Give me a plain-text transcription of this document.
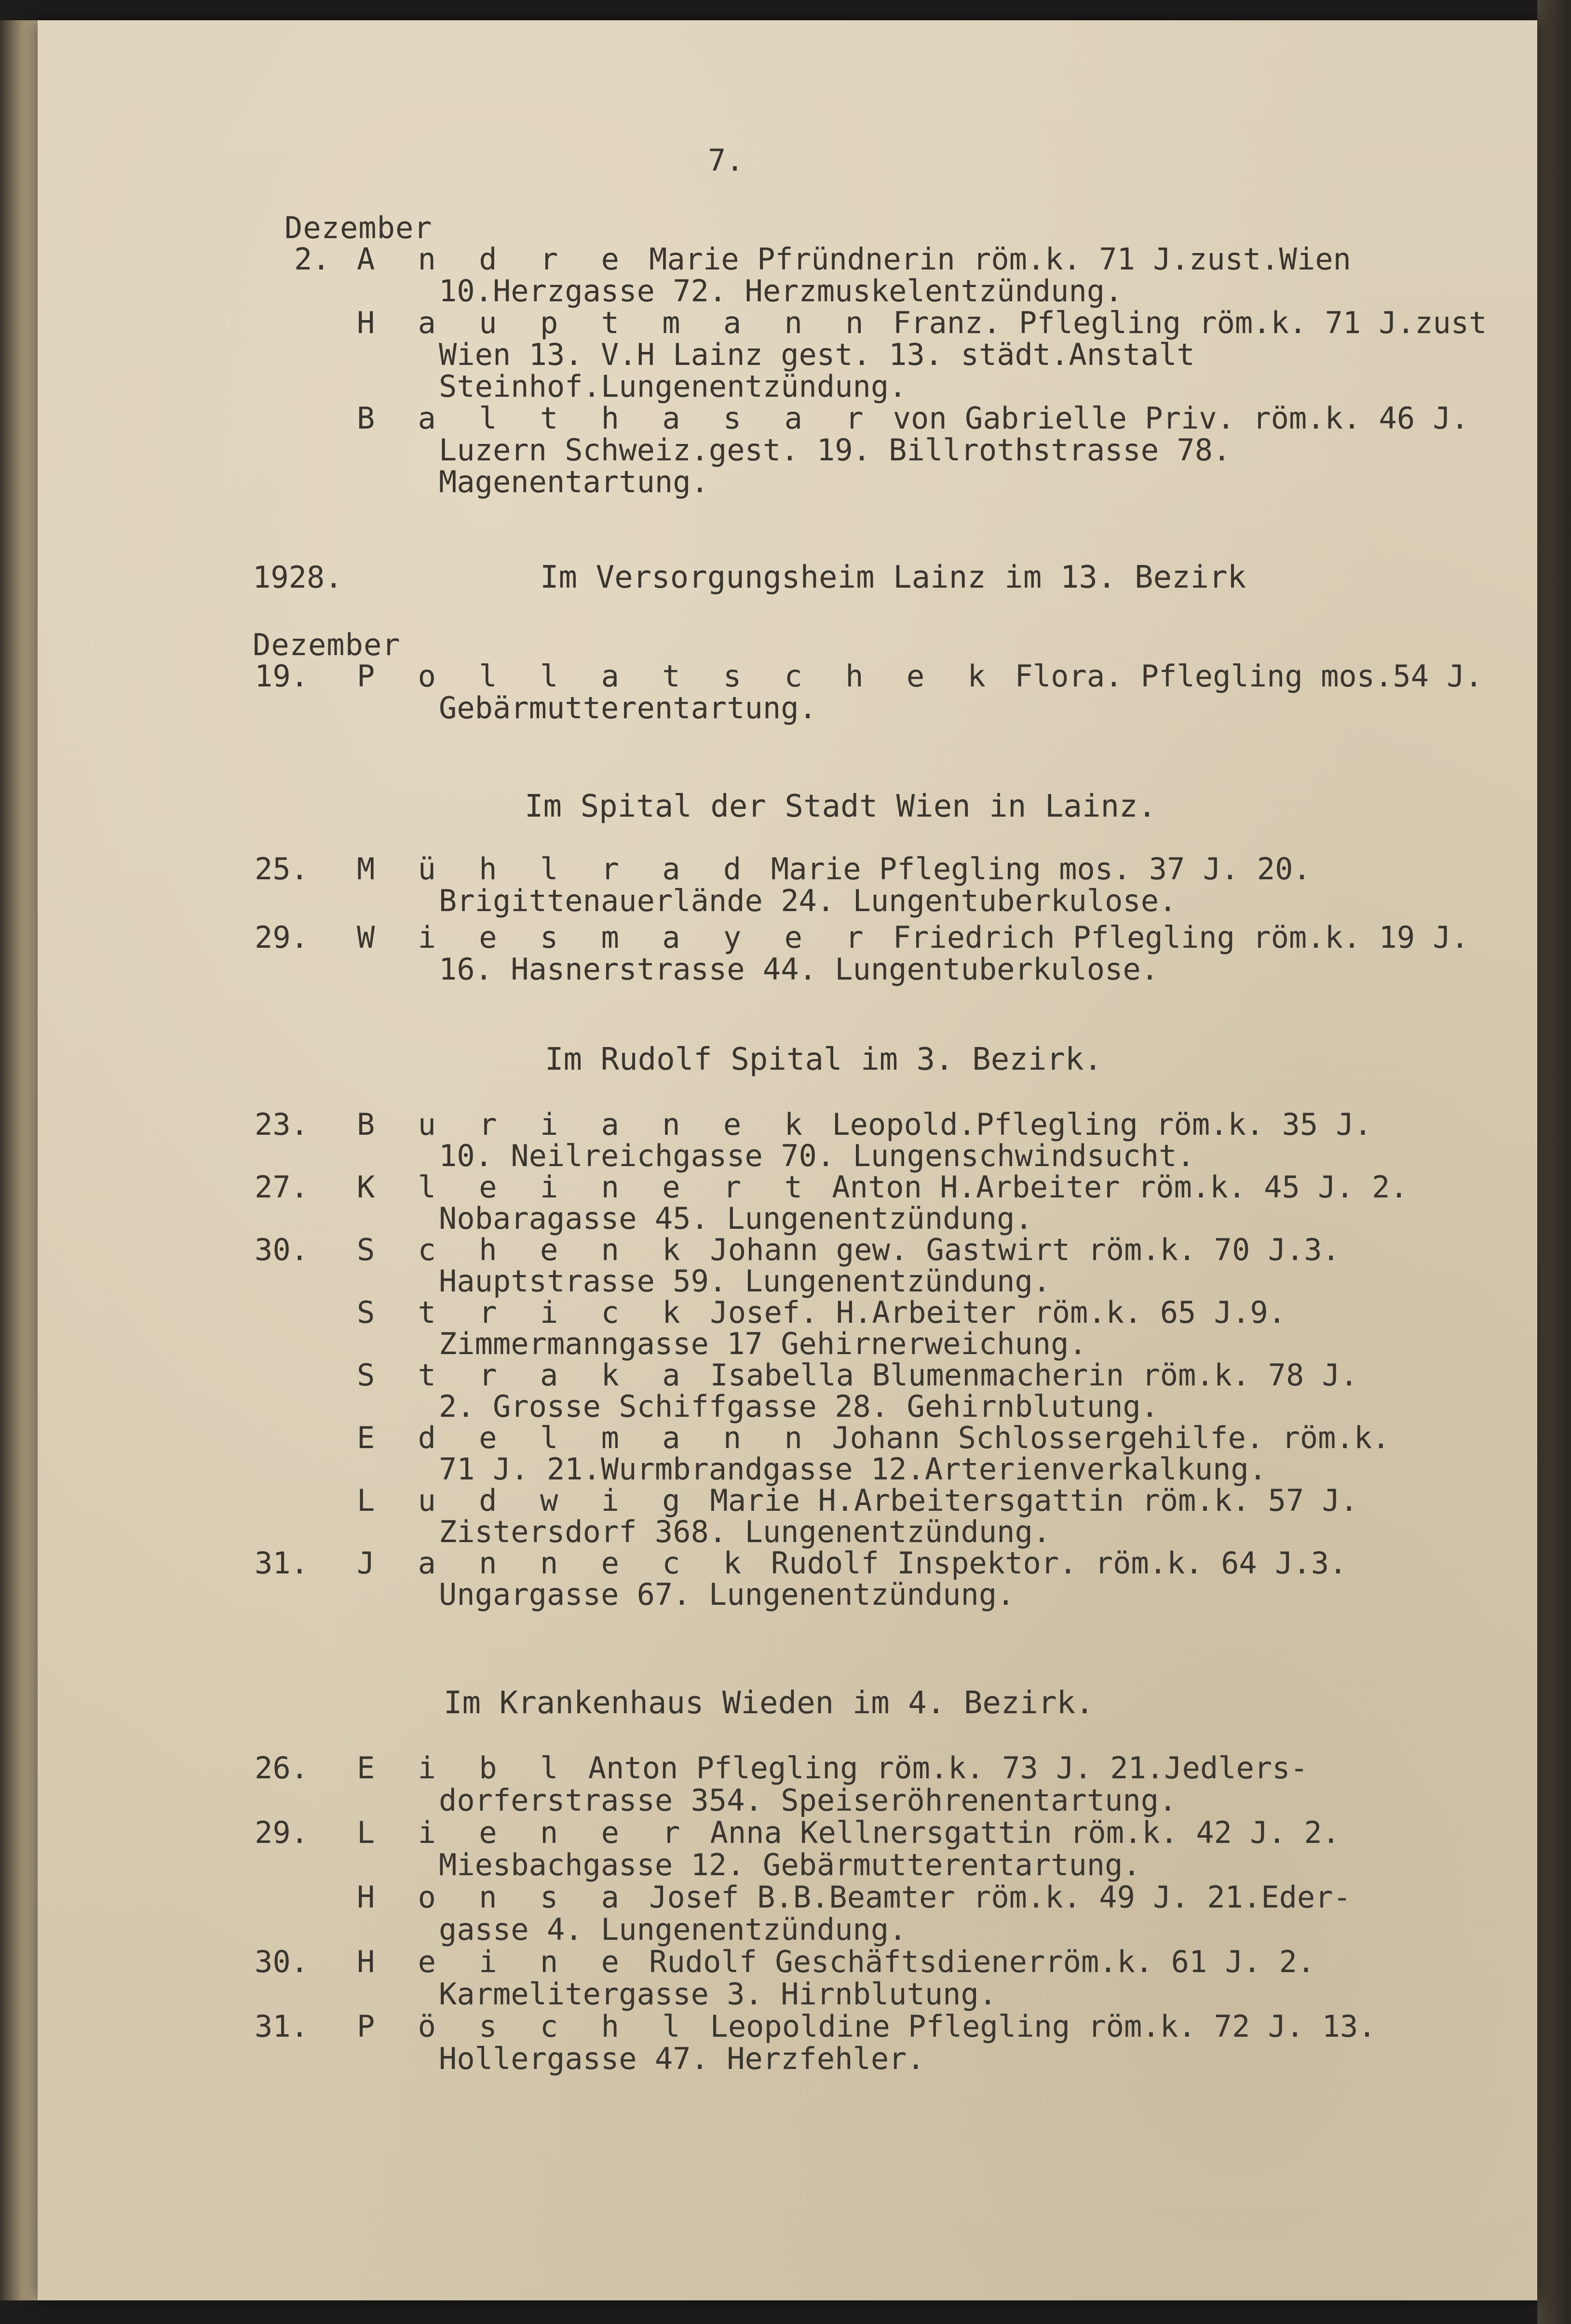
7.
Dezember
2. A n d r e
Marie Pfründnerin röm.k. 71 J.zust.Wien
10.Herzgasse 72. Herzmuskelentzündung.
H a u p t m a n n
Franz. Pflegling röm.k. 71 J.zust
Wien 13. V.H Lainz gest. 13. städt.Anstalt
Steinhof.Lungenentzündung.
B a l t h a s a r
von Gabrielle Priv. röm.k. 46 J.
Luzern Schweiz.gest. 19. Billrothstrasse 78.
Magenentartung.
1928.	Im Versorgungsheim Lainz im 13. Bezirk
Dezember
19. P o l l a t s c h e k
Flora. Pflegling mos.54 J.
Gebärmutterentartung.
Im Spital der Stadt Wien in Lainz.
25. M ü h l r a d
Marie Pflegling mos. 37 J. 20.
Brigittenauerlände 24. Lungentuberkulose.
29. W i e s m a y e r
Friedrich Pflegling röm.k. 19 J.
16. Hasnerstrasse 44. Lungentuberkulose.
Im Rudolf Spital im 3. Bezirk.
23. B u r i a n e k
Leopold.Pflegling röm.k. 35 J.
10. Neilreichgasse 70. Lungenschwindsucht.
27. K l e i n e r t
Anton H.Arbeiter röm.k. 45 J. 2.
Nobaragasse 45. Lungenentzündung.
30. S c h e n k
Johann gew. Gastwirt röm.k. 70 J.3.
Hauptstrasse 59. Lungenentzündung.
S t r i c k
Josef. H.Arbeiter röm.k. 65 J.9.
Zimmermanngasse 17 Gehirnerweichung.
S t r a k a
Isabella Blumenmacherin röm.k. 78 J.
2. Grosse Schiffgasse 28. Gehirnblutung.
E d e l m a n n
Johann Schlossergehilfe. röm.k.
71 J. 21.Wurmbrandgasse 12.Arterienverkalkung.
L u d w i g
Marie H.Arbeitersgattin röm.k. 57 J.
Zistersdorf 368. Lungenentzündung.
31. J a n n e c k
Rudolf Inspektor. röm.k. 64 J.3.
Ungargasse 67. Lungenentzündung.
Im Krankenhaus Wieden im 4. Bezirk.
26. E i b l Anton Pflegling röm.k. 73 J. 21.Jedlers-
dorferstrasse 354. Speiseröhrenentartung.
29. L i e n e r
Anna Kellnersgattin röm.k. 42 J. 2.
Miesbachgasse 12. Gebärmutterentartung.
H o n s a
Josef B.B.Beamter röm.k. 49 J. 21.Eder-
gasse 4. Lungenentzündung.
30. H e i n e
Rudolf Geschäftsdienerröm.k. 61 J. 2.
Karmelitergasse 3. Hirnblutung.
31. P ö s c h l
Leopoldine Pflegling röm.k. 72 J. 13.
Hollergasse 47. Herzfehler.
